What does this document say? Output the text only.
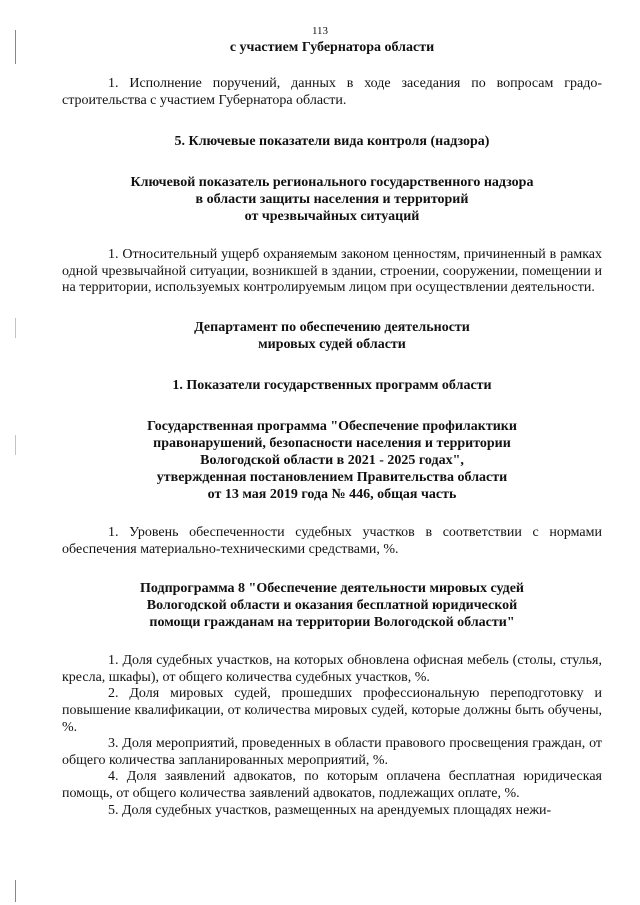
113
с участием Губернатора области

1. Исполнение поручений, данных в ходе заседания по вопросам градостроительства с участием Губернатора области.

5. Ключевые показатели вида контроля (надзора)
Ключевой показатель регионального государственного надзора
в области защиты населения и территорий
от чрезвычайных ситуаций

1. Относительный ущерб охраняемым законом ценностям, причиненный в рамках одной чрезвычайной ситуации, возникшей в здании, строении, сооружении, помещении и на территории, используемых контролируемым лицом при осуществлении деятельности.

Департамент по обеспечению деятельности
мировых судей области
1. Показатели государственных программ области
Государственная программа "Обеспечение профилактики
правонарушений, безопасности населения и территории
Вологодской области в 2021 - 2025 годах",
утвержденная постановлением Правительства области
от 13 мая 2019 года № 446, общая часть

1. Уровень обеспеченности судебных участков в соответствии с нормами обеспечения материально-техническими средствами, %.

Подпрограмма 8 "Обеспечение деятельности мировых судей
Вологодской области и оказания бесплатной юридической
помощи гражданам на территории Вологодской области"

1. Доля судебных участков, на которых обновлена офисная мебель (столы, стулья, кресла, шкафы), от общего количества судебных участков, %.

2. Доля мировых судей, прошедших профессиональную переподготовку и повышение квалификации, от количества мировых судей, которые должны быть обучены, %.

3. Доля мероприятий, проведенных в области правового просвещения граждан, от общего количества запланированных мероприятий, %.

4. Доля заявлений адвокатов, по которым оплачена бесплатная юридическая помощь, от общего количества заявлений адвокатов, подлежащих оплате, %.

5. Доля судебных участков, размещенных на арендуемых площадях нежи-
